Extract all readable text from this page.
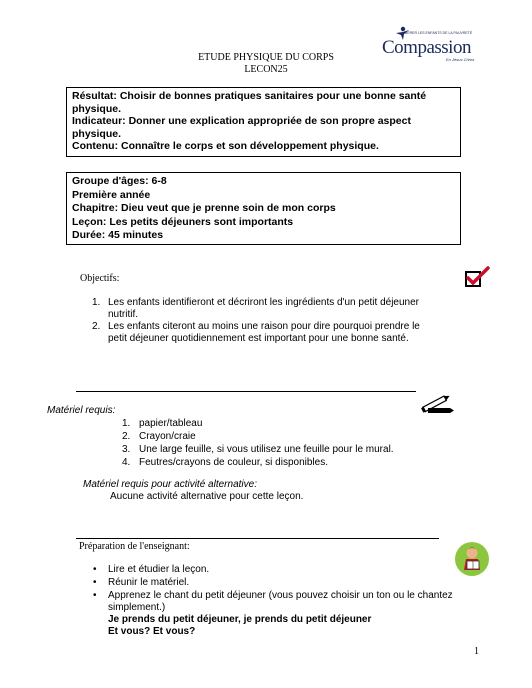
ETUDE PHYSIQUE DU CORPS
LECON25
LIBÉRER LES ENFANTS DE LA PAUVRETÉ
Compassion
En Jésus Christ
Résultat: Choisir de bonnes pratiques sanitaires pour une bonne santé
physique.
Indicateur: Donner une explication appropriée de son propre aspect
physique.
Contenu: Connaître le corps et son développement physique.
Groupe d'âges: 6-8
Première année
Chapitre: Dieu veut que je prenne soin de mon corps
Leçon: Les petits déjeuners sont importants
Durée: 45 minutes
Objectifs:
1. Les enfants identifieront et décriront les ingrédients d'un petit déjeuner
nutritif.
2. Les enfants citeront au moins une raison pour dire pourquoi prendre le
petit déjeuner quotidiennement est important pour une bonne santé.
Matériel requis:
1. papier/tableau
2. Crayon/craie
3. Une large feuille, si vous utilisez une feuille pour le mural.
4. Feutres/crayons de couleur, si disponibles.
Matériel requis pour activité alternative:
Aucune activité alternative pour cette leçon.
Préparation de l'enseignant:
• Lire et étudier la leçon.
• Réunir le matériel.
• Apprenez le chant du petit déjeuner (vous pouvez choisir un ton ou le chantez
simplement.)
Je prends du petit déjeuner, je prends du petit déjeuner
Et vous? Et vous?
1
